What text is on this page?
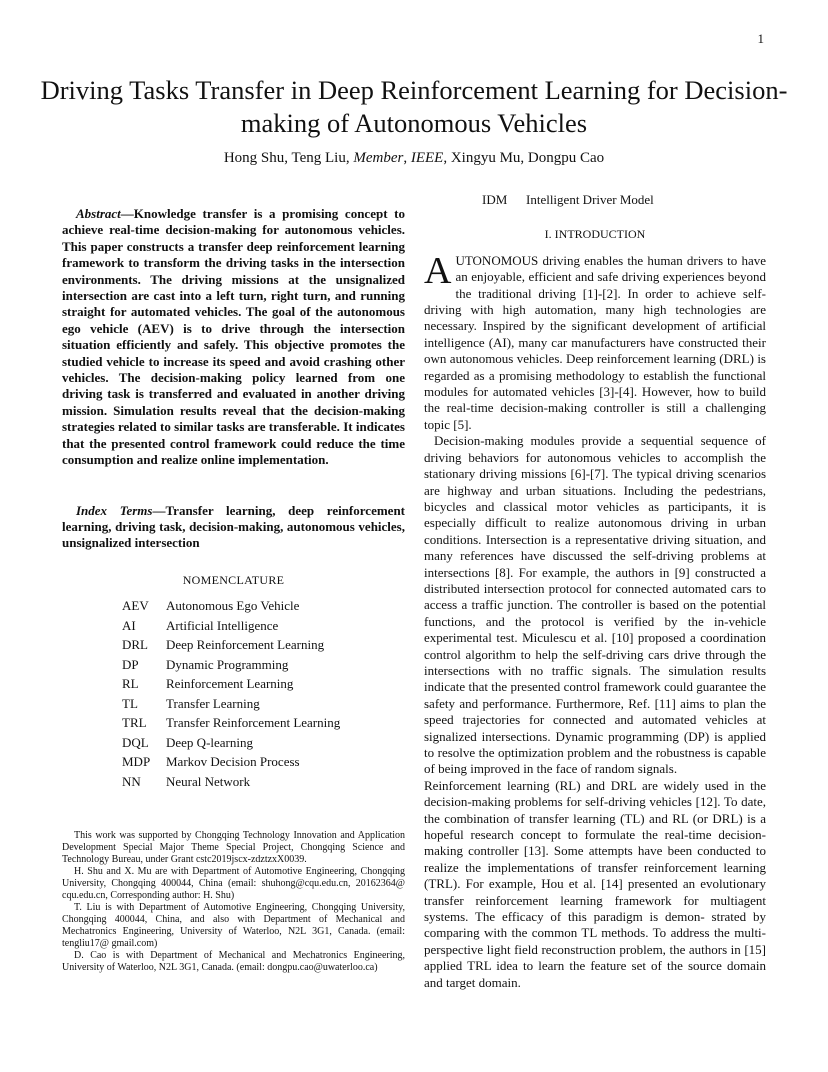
1
Driving Tasks Transfer in Deep Reinforcement Learning for Decision-making of Autonomous Vehicles
Hong Shu, Teng Liu, Member, IEEE, Xingyu Mu, Dongpu Cao

Abstract—Knowledge transfer is a promising concept to achieve real-time decision-making for autonomous vehicles. This paper constructs a transfer deep reinforcement learning framework to transform the driving tasks in the intersection environments. The driving missions at the unsignalized intersection are cast into a left turn, right turn, and running straight for automated vehicles. The goal of the autonomous ego vehicle (AEV) is to drive through the intersection situation efficiently and safely. This objective promotes the studied vehicle to increase its speed and avoid crashing other vehicles. The decision-making policy learned from one driving task is transferred and evaluated in another driving mission. Simulation results reveal that the decision-making strategies related to similar tasks are transferable. It indicates that the presented control framework could reduce the time consumption and realize online implementation.

Index Terms—Transfer learning, deep reinforcement learning, driving task, decision-making, autonomous vehicles, unsignalized intersection

NOMENCLATURE
AEV	Autonomous Ego Vehicle
AI	Artificial Intelligence
DRL	Deep Reinforcement Learning
DP	Dynamic Programming
RL	Reinforcement Learning
TL	Transfer Learning
TRL	Transfer Reinforcement Learning
DQL	Deep Q-learning
MDP	Markov Decision Process
NN	Neural Network

This work was supported by Chongqing Technology Innovation and Application Development Special Major Theme Special Project, Chongqing Science and Technology Bureau, under Grant cstc2019jscx-zdztzxX0039.

H. Shu and X. Mu are with Department of Automotive Engineering, Chongqing University, Chongqing 400044, China (email: shuhong@cqu.edu.cn, 20162364@ cqu.edu.cn, Corresponding author: H. Shu)

T. Liu is with Department of Automotive Engineering, Chongqing University, Chongqing 400044, China, and also with Department of Mechanical and Mechatronics Engineering, University of Waterloo, N2L 3G1, Canada. (email: tengliu17@ gmail.com)

D. Cao is with Department of Mechanical and Mechatronics Engineering, University of Waterloo, N2L 3G1, Canada. (email: dongpu.cao@uwaterloo.ca)

IDM	Intelligent Driver Model
I. INTRODUCTION

AUTONOMOUS driving enables the human drivers to have an enjoyable, efficient and safe driving experiences beyond the traditional driving [1]-[2]. In order to achieve self-driving with high automation, many high technologies are necessary. Inspired by the significant development of artificial intelligence (AI), many car manufacturers have constructed their own autonomous vehicles. Deep reinforcement learning (DRL) is regarded as a promising methodology to establish the functional modules for automated vehicles [3]-[4]. However, how to build the real-time decision-making controller is still a challenging topic [5].

Decision-making modules provide a sequential sequence of driving behaviors for autonomous vehicles to accomplish the stationary driving missions [6]-[7]. The typical driving scenarios are highway and urban situations. Including the pedestrians, bicycles and classical motor vehicles as participants, it is especially difficult to realize autonomous driving in urban conditions. Intersection is a representative driving situation, and many references have discussed the self-driving problems at intersections [8]. For example, the authors in [9] constructed a distributed intersection protocol for connected automated cars to access a traffic junction. The controller is based on the potential functions, and the protocol is verified by the in-vehicle experimental test. Miculescu et al. [10] proposed a coordination control algorithm to help the self-driving cars drive through the intersections with no traffic signals. The simulation results indicate that the presented control framework could guarantee the safety and performance. Furthermore, Ref. [11] aims to plan the speed trajectories for connected and automated vehicles at signalized intersections. Dynamic programming (DP) is applied to resolve the optimization problem and the robustness is capable of being improved in the face of random signals.

Reinforcement learning (RL) and DRL are widely used in the decision-making problems for self-driving vehicles [12]. To date, the combination of transfer learning (TL) and RL (or DRL) is a hopeful research concept to formulate the real-time decision-making controller [13]. Some attempts have been conducted to realize the implementations of transfer reinforcement learning (TRL). For example, Hou et al. [14] presented an evolutionary transfer reinforcement learning framework for multiagent systems. The efficacy of this paradigm is demon- strated by comparing with the common TL methods. To address the multi-perspective light field reconstruction problem, the authors in [15] applied TRL idea to learn the feature set of the source domain and target domain.
